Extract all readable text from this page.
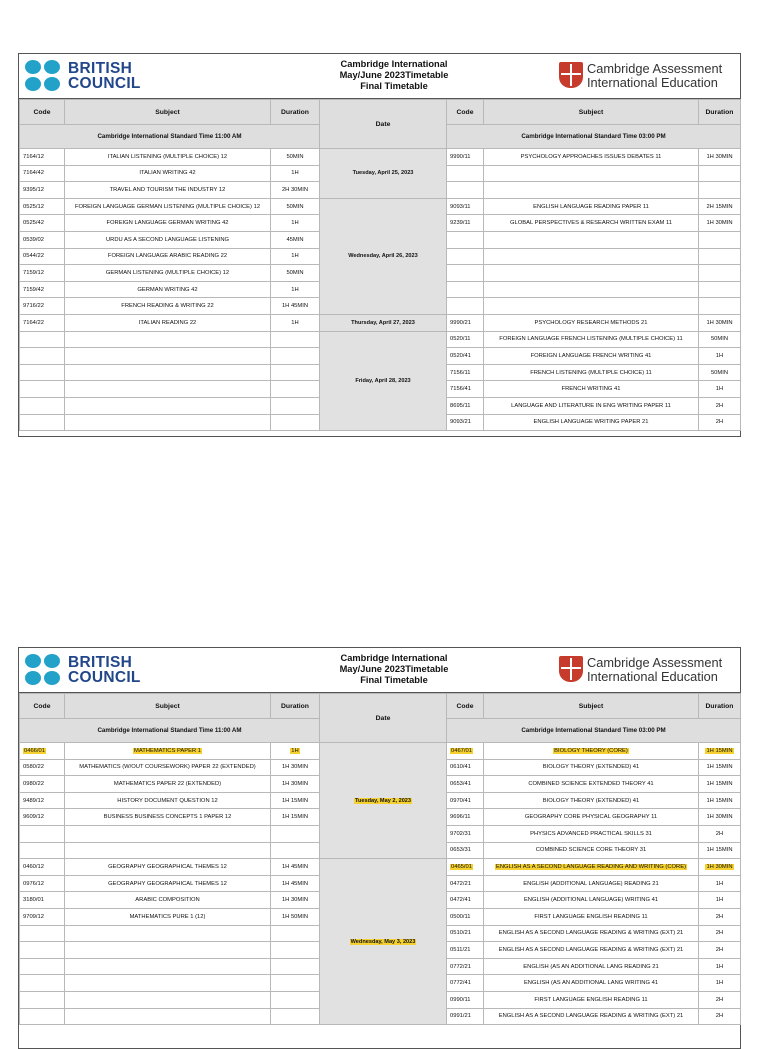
BRITISH
COUNCIL
Cambridge International
May/June 2023Timetable
Final Timetable
Cambridge Assessment
International Education
Code	Subject	Duration	Date	Code	Subject	Duration
Cambridge International Standard Time 11:00 AM				Cambridge International Standard Time 03:00 PM		
7164/12	ITALIAN LISTENING (MULTIPLE CHOICE) 12	50MIN	Tuesday, April 25, 2023	9990/11	PSYCHOLOGY APPROACHES ISSUES DEBATES 11	1H 30MIN
7164/42	ITALIAN WRITING 42	1H				
9395/12	TRAVEL AND TOURISM THE INDUSTRY 12	2H 30MIN				
0525/12	FOREIGN LANGUAGE GERMAN LISTENING (MULTIPLE CHOICE) 12	50MIN	Wednesday, April 26, 2023	9093/11	ENGLISH LANGUAGE READING PAPER 11	2H 15MIN
0525/42	FOREIGN LANGUAGE GERMAN WRITING 42	1H		9239/11	GLOBAL PERSPECTIVES & RESEARCH WRITTEN EXAM 11	1H 30MIN
0539/02	URDU AS A SECOND LANGUAGE LISTENING	45MIN				
0544/22	FOREIGN LANGUAGE ARABIC READING 22	1H				
7159/12	GERMAN LISTENING (MULTIPLE CHOICE) 12	50MIN				
7159/42	GERMAN WRITING 42	1H				
9716/22	FRENCH READING & WRITING 22	1H 45MIN				
7164/22	ITALIAN READING 22	1H	Thursday, April 27, 2023	9990/21	PSYCHOLOGY RESEARCH METHODS 21	1H 30MIN
			Friday, April 28, 2023	0520/11	FOREIGN LANGUAGE FRENCH LISTENING (MULTIPLE CHOICE) 11	50MIN
				0520/41	FOREIGN LANGUAGE FRENCH WRITING 41	1H
				7156/11	FRENCH LISTENING (MULTIPLE CHOICE) 11	50MIN
				7156/41	FRENCH WRITING 41	1H
				8695/11	LANGUAGE AND LITERATURE IN ENG WRITING PAPER 11	2H
				9093/21	ENGLISH LANGUAGE WRITING PAPER 21	2H
BRITISH
COUNCIL
Cambridge International
May/June 2023Timetable
Final Timetable
Cambridge Assessment
International Education
Code	Subject	Duration	Date	Code	Subject	Duration
Cambridge International Standard Time 11:00 AM				Cambridge International Standard Time 03:00 PM		
0466/01	MATHEMATICS PAPER 1	1H	Tuesday, May 2, 2023	0467/01	BIOLOGY THEORY (CORE)	1H 15MIN
0580/22	MATHEMATICS (W/OUT COURSEWORK) PAPER 22 (EXTENDED)	1H 30MIN		0610/41	BIOLOGY THEORY (EXTENDED) 41	1H 15MIN
0980/22	MATHEMATICS PAPER 22 (EXTENDED)	1H 30MIN		0653/41	COMBINED SCIENCE EXTENDED THEORY 41	1H 15MIN
9489/12	HISTORY DOCUMENT QUESTION 12	1H 15MIN		0970/41	BIOLOGY THEORY (EXTENDED) 41	1H 15MIN
9609/12	BUSINESS BUSINESS CONCEPTS 1 PAPER 12	1H 15MIN		9696/11	GEOGRAPHY CORE PHYSICAL GEOGRAPHY 11	1H 30MIN
				9702/31	PHYSICS ADVANCED PRACTICAL SKILLS 31	2H
				0653/31	COMBINED SCIENCE CORE THEORY 31	1H 15MIN
0460/12	GEOGRAPHY GEOGRAPHICAL THEMES 12	1H 45MIN	Wednesday, May 3, 2023	0465/01	ENGLISH AS A SECOND LANGUAGE READING AND WRITING (CORE)	1H 30MIN
0976/12	GEOGRAPHY GEOGRAPHICAL THEMES 12	1H 45MIN		0472/21	ENGLISH (ADDITIONAL LANGUAGE) READING 21	1H
3180/01	ARABIC COMPOSITION	1H 30MIN		0472/41	ENGLISH (ADDITIONAL LANGUAGE) WRITING 41	1H
9709/12	MATHEMATICS PURE 1 (12)	1H 50MIN		0500/11	FIRST LANGUAGE ENGLISH READING 11	2H
				0510/21	ENGLISH AS A SECOND LANGUAGE READING & WRITING (EXT) 21	2H
				0511/21	ENGLISH AS A SECOND LANGUAGE READING & WRITING (EXT) 21	2H
				0772/21	ENGLISH (AS AN ADDITIONAL LANG READING 21	1H
				0772/41	ENGLISH (AS AN ADDITIONAL LANG WRITING 41	1H
				0990/11	FIRST LANGUAGE ENGLISH READING 11	2H
				0991/21	ENGLISH AS A SECOND LANGUAGE READING & WRITING (EXT) 21	2H
